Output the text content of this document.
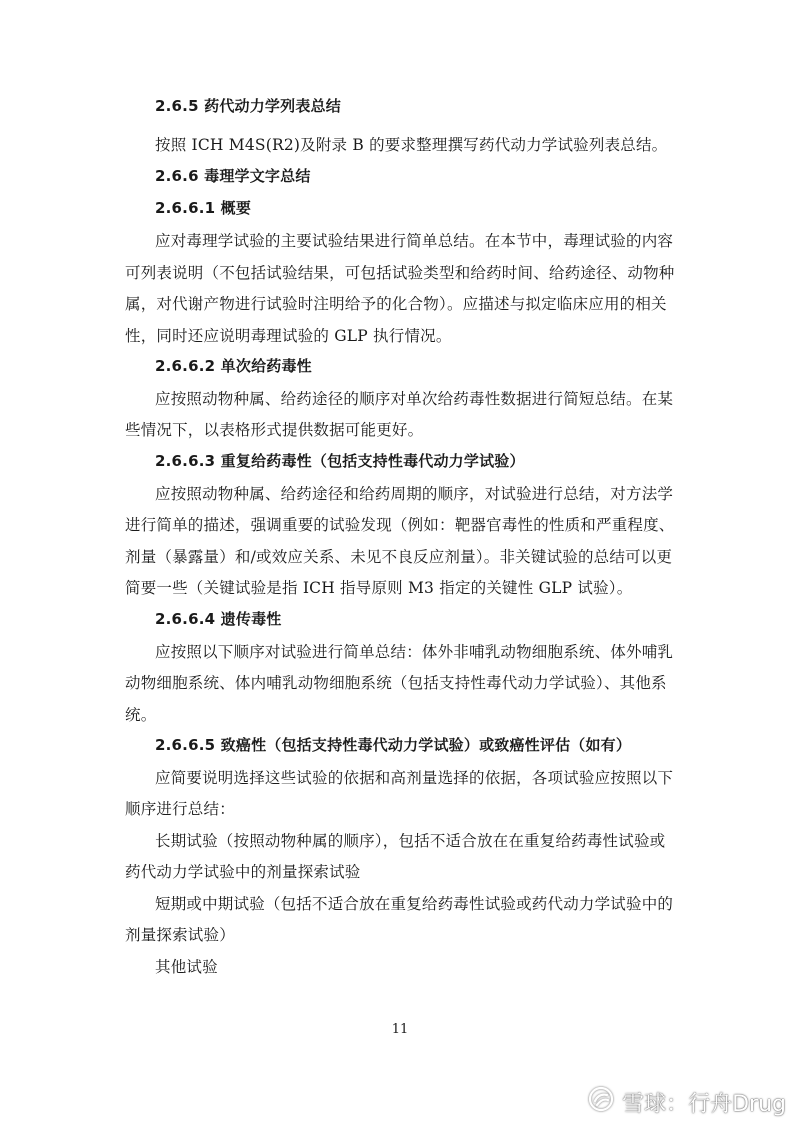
2.6.5 药代动力学列表总结
按照 ICH M4S(R2)及附录 B 的要求整理撰写药代动力学试验列表总结。
2.6.6 毒理学文字总结
2.6.6.1 概要
应对毒理学试验的主要试验结果进行简单总结。在本节中，毒理试验的内容
可列表说明（不包括试验结果，可包括试验类型和给药时间、给药途径、动物种
属，对代谢产物进行试验时注明给予的化合物）。应描述与拟定临床应用的相关
性，同时还应说明毒理试验的 GLP 执行情况。
2.6.6.2 单次给药毒性
应按照动物种属、给药途径的顺序对单次给药毒性数据进行简短总结。在某
些情况下，以表格形式提供数据可能更好。
2.6.6.3 重复给药毒性（包括支持性毒代动力学试验）
应按照动物种属、给药途径和给药周期的顺序，对试验进行总结，对方法学
进行简单的描述，强调重要的试验发现（例如：靶器官毒性的性质和严重程度、
剂量（暴露量）和/或效应关系、未见不良反应剂量）。非关键试验的总结可以更
简要一些（关键试验是指 ICH 指导原则 M3 指定的关键性 GLP 试验）。
2.6.6.4 遗传毒性
应按照以下顺序对试验进行简单总结：体外非哺乳动物细胞系统、体外哺乳
动物细胞系统、体内哺乳动物细胞系统（包括支持性毒代动力学试验）、其他系
统。
2.6.6.5 致癌性（包括支持性毒代动力学试验）或致癌性评估（如有）
应简要说明选择这些试验的依据和高剂量选择的依据，各项试验应按照以下
顺序进行总结：
长期试验（按照动物种属的顺序），包括不适合放在在重复给药毒性试验或
药代动力学试验中的剂量探索试验
短期或中期试验（包括不适合放在重复给药毒性试验或药代动力学试验中的
剂量探索试验）
其他试验
11
雪球：行舟Drug
